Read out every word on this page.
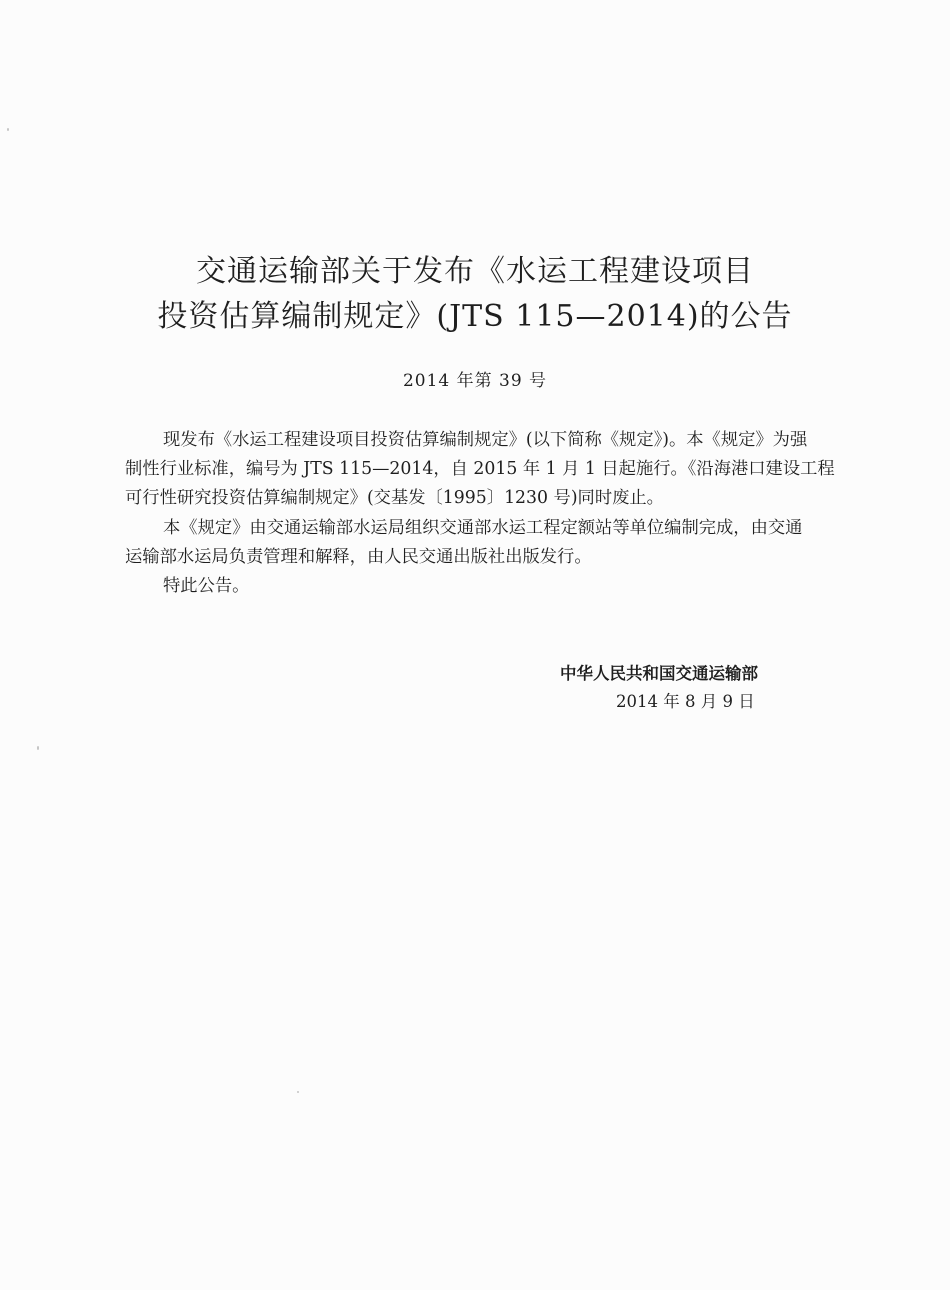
交通运输部关于发布《水运工程建设项目
投资估算编制规定》(JTS 115—2014)的公告
2014 年第 39 号
现发布《水运工程建设项目投资估算编制规定》(以下简称《规定》)。本《规定》为强
制性行业标准，编号为 JTS 115—2014，自 2015 年 1 月 1 日起施行。《沿海港口建设工程
可行性研究投资估算编制规定》(交基发〔1995〕1230 号)同时废止。
本《规定》由交通运输部水运局组织交通部水运工程定额站等单位编制完成，由交通
运输部水运局负责管理和解释，由人民交通出版社出版发行。
特此公告。
中华人民共和国交通运输部
2014 年 8 月 9 日
